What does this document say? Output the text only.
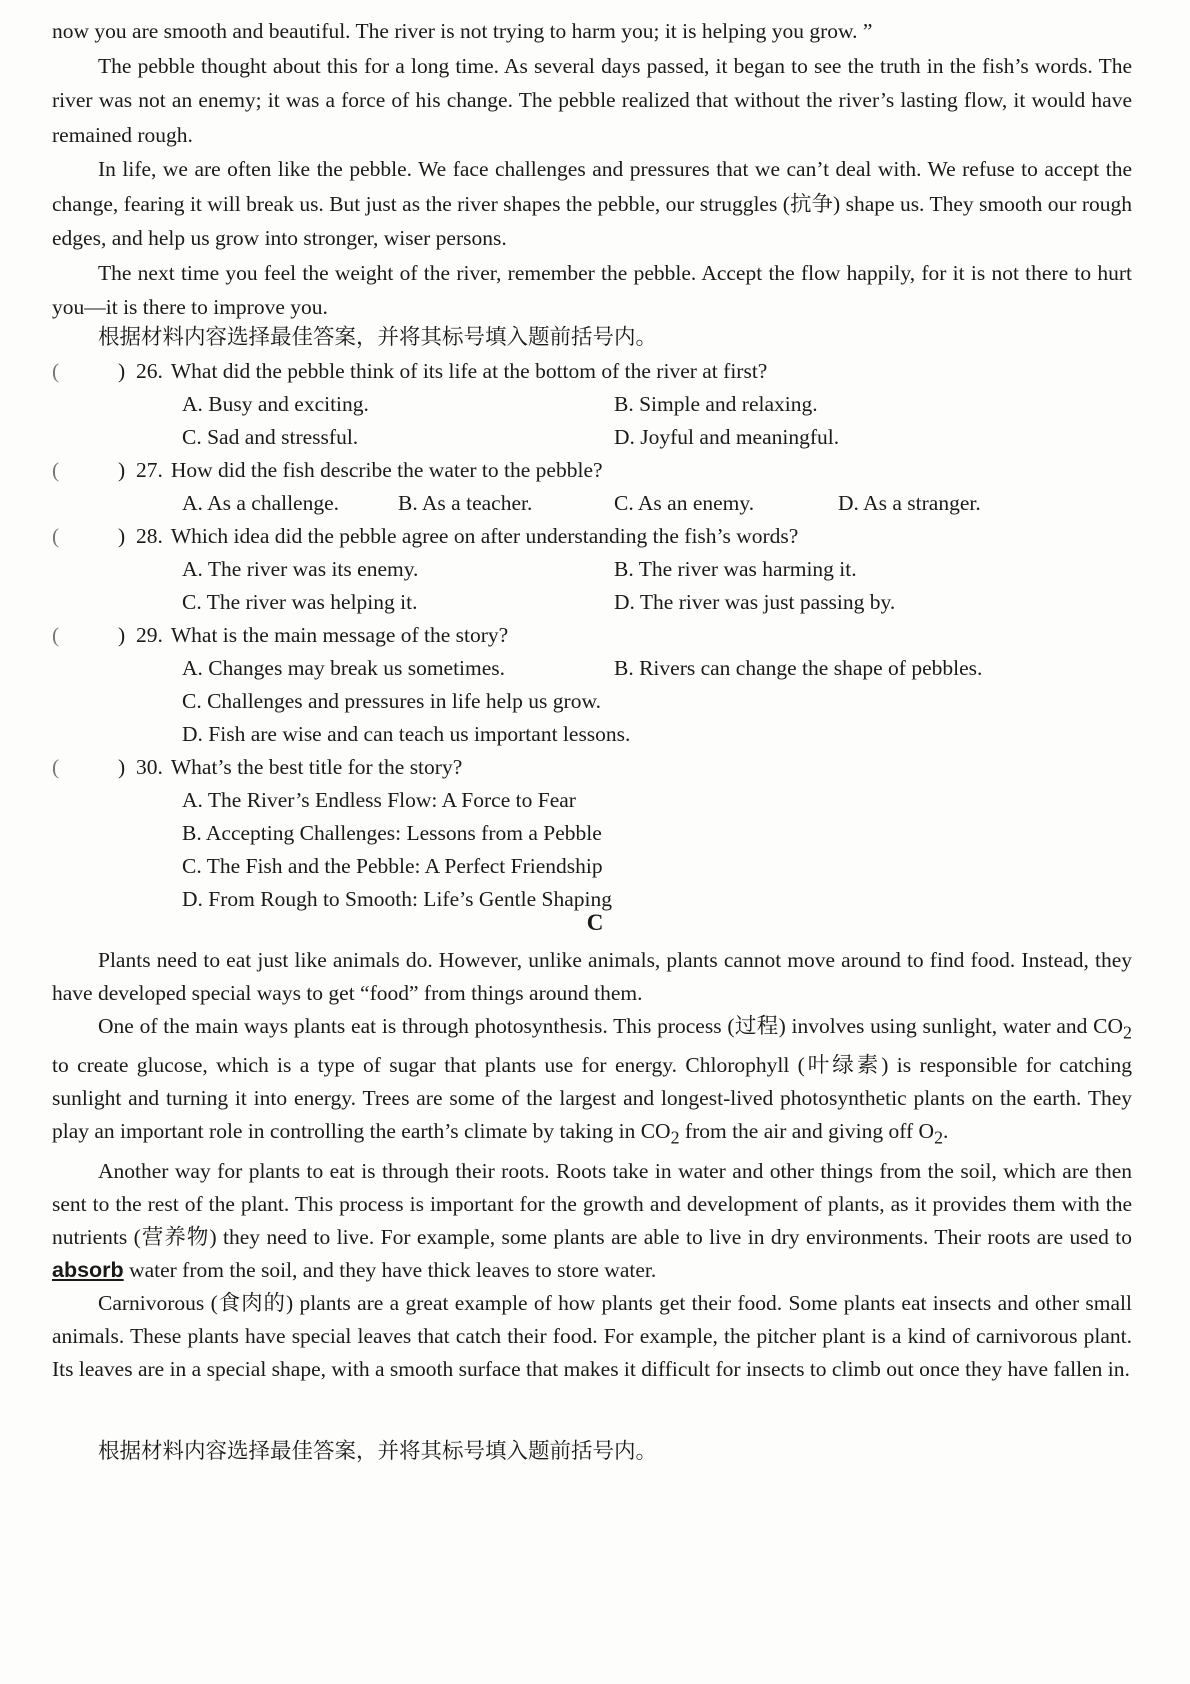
now you are smooth and beautiful. The river is not trying to harm you; it is helping you grow. ”

The pebble thought about this for a long time. As several days passed, it began to see the truth in the fish’s words. The river was not an enemy; it was a force of his change. The pebble realized that without the river’s lasting flow, it would have remained rough.

In life, we are often like the pebble. We face challenges and pressures that we can’t deal with. We refuse to accept the change, fearing it will break us. But just as the river shapes the pebble, our struggles (抗争) shape us. They smooth our rough edges, and help us grow into stronger, wiser persons.

The next time you feel the weight of the river, remember the pebble. Accept the flow happily, for it is not there to hurt you—it is there to improve you.

根据材料内容选择最佳答案，并将其标号填入题前括号内。
(	) 26. What did the pebble think of its life at the bottom of the river at first?
A. Busy and exciting.	B. Simple and relaxing.
C. Sad and stressful.	D. Joyful and meaningful.
(	) 27. How did the fish describe the water to the pebble?
A. As a challenge.	B. As a teacher.	C. As an enemy.	D. As a stranger.
(	) 28. Which idea did the pebble agree on after understanding the fish’s words?
A. The river was its enemy.	B. The river was harming it.
C. The river was helping it.	D. The river was just passing by.
(	) 29. What is the main message of the story?
A. Changes may break us sometimes.	B. Rivers can change the shape of pebbles.
C. Challenges and pressures in life help us grow.
D. Fish are wise and can teach us important lessons.
(	) 30. What’s the best title for the story?
A. The River’s Endless Flow: A Force to Fear
B. Accepting Challenges: Lessons from a Pebble
C. The Fish and the Pebble: A Perfect Friendship
D. From Rough to Smooth: Life’s Gentle Shaping
C

Plants need to eat just like animals do. However, unlike animals, plants cannot move around to find food. Instead, they have developed special ways to get “food” from things around them.

One of the main ways plants eat is through photosynthesis. This process (过程) involves using sunlight, water and $CO_2$ to create glucose, which is a type of sugar that plants use for energy. Chlorophyll (叶绿素) is responsible for catching sunlight and turning it into energy. Trees are some of the largest and longest-lived photosynthetic plants on the earth. They play an important role in controlling the earth’s climate by taking in $CO_2$ from the air and giving off $O_2$.

Another way for plants to eat is through their roots. Roots take in water and other things from the soil, which are then sent to the rest of the plant. This process is important for the growth and development of plants, as it provides them with the nutrients (营养物) they need to live. For example, some plants are able to live in dry environments. Their roots are used to absorb water from the soil, and they have thick leaves to store water.

Carnivorous (食肉的) plants are a great example of how plants get their food. Some plants eat insects and other small animals. These plants have special leaves that catch their food. For example, the pitcher plant is a kind of carnivorous plant. Its leaves are in a special shape, with a smooth surface that makes it difficult for insects to climb out once they have fallen in.

根据材料内容选择最佳答案，并将其标号填入题前括号内。
